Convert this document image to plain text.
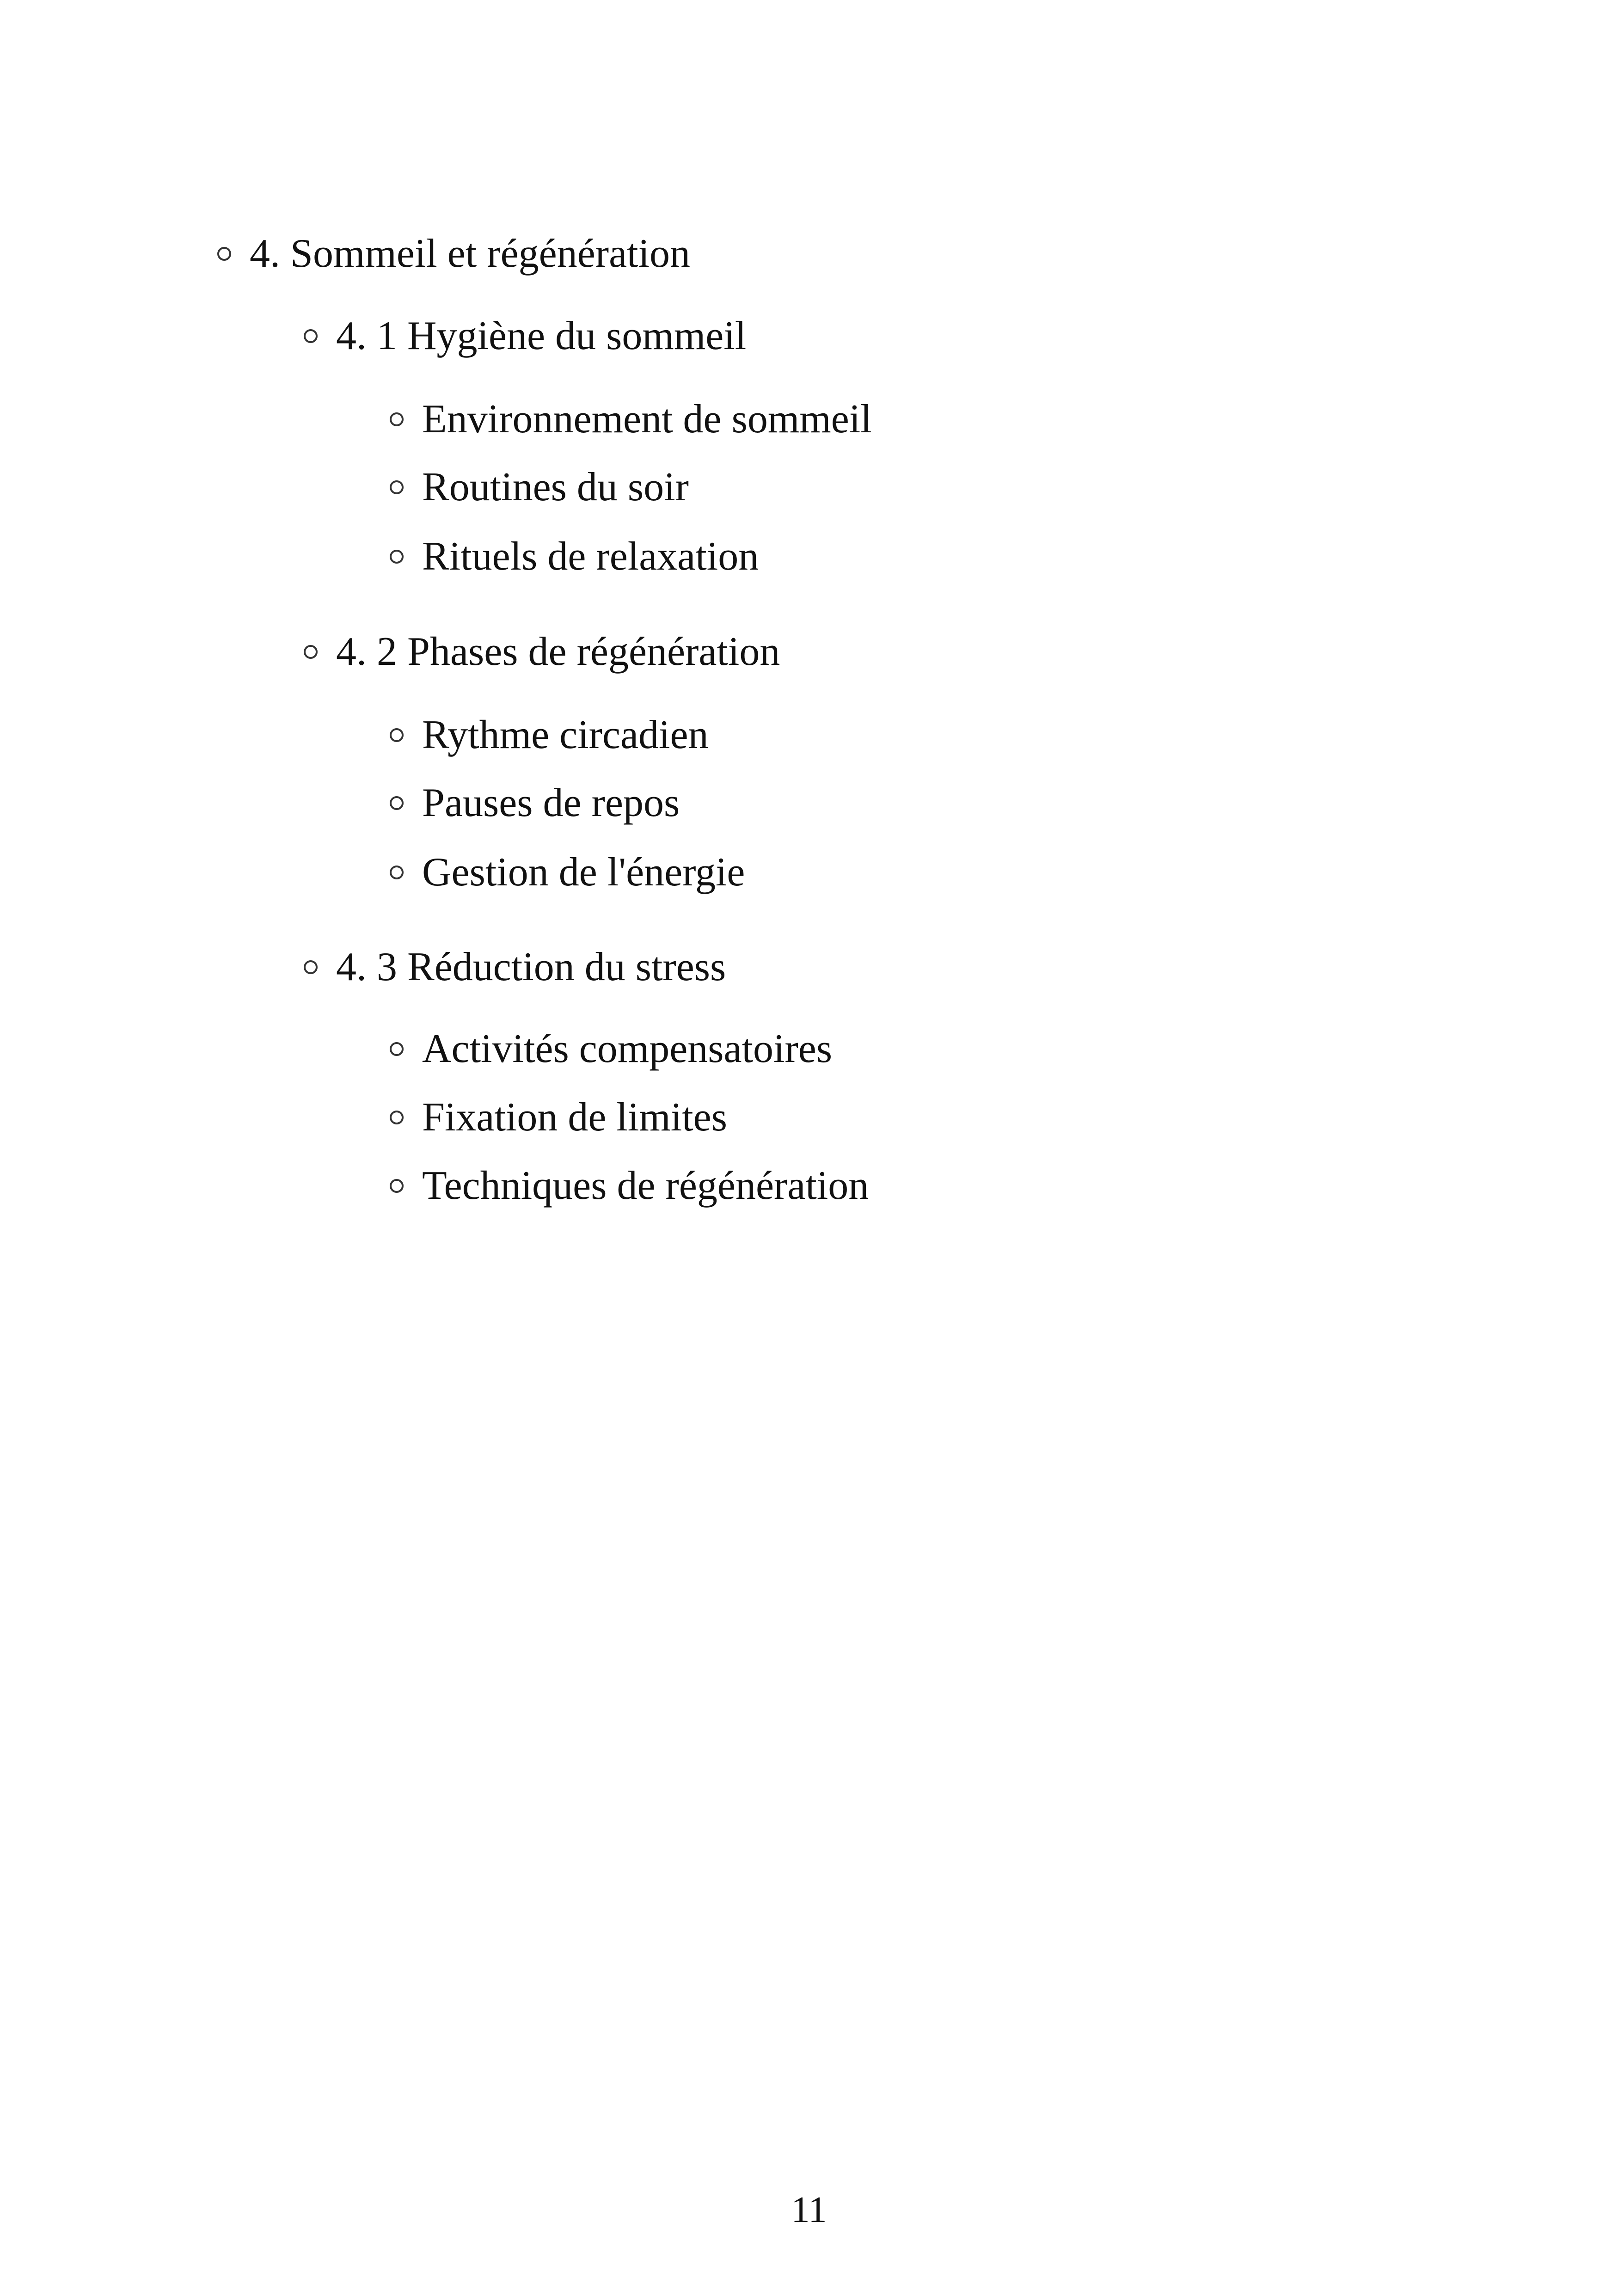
4. Sommeil et régénération
4. 1 Hygiène du sommeil
Environnement de sommeil
Routines du soir
Rituels de relaxation
4. 2 Phases de régénération
Rythme circadien
Pauses de repos
Gestion de l'énergie
4. 3 Réduction du stress
Activités compensatoires
Fixation de limites
Techniques de régénération
11
